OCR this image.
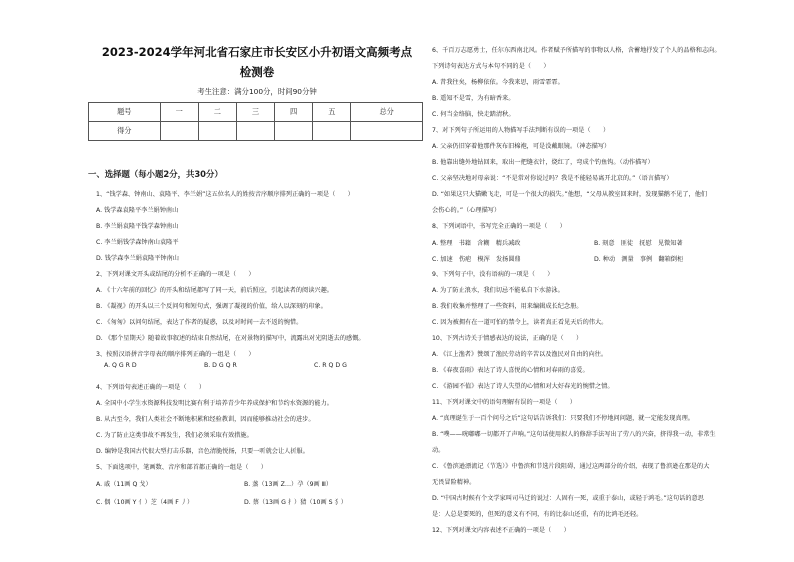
2023-2024学年河北省石家庄市长安区小升初语文高频考点
检测卷
考生注意：满分100分，时间90分钟
题号	一	二	三	四	五	总分
得分						
一、选择题（每小题2分，共30分）
1、“钱学森、钟南山、袁隆平、李兰娟”这五位名人的姓按音序顺序排列正确的一项是（　　）
A. 钱学森袁隆平李兰娟钟南山
B. 李兰娟袁隆平钱学森钟南山
C. 李兰娟钱学森钟南山袁隆平
D. 钱学森李兰娟袁隆平钟南山
2、下列对课文开头或结尾的分析不正确的一项是（　　）
A. 《十六年前的回忆》的开头和结尾都写了同一天，前后照应，引起读者的阅读兴趣。
B. 《凝视》的开头以三个反问句和短句式，强调了凝视的价值，给人以深刻的印象。
C. 《匆匆》以问句结尾，表达了作者的疑惑，以及对时间一去不返的惋惜。
D. 《那个星期天》随着故事叙述的结束自然结尾，在对景物的描写中，流露出对光阴逝去的感慨。
3、按照汉语拼音字母表的顺序排列正确的一组是（　　）
4、下列语句表述正确的一项是（　　）
A. 全国中小学生水资源科技发明比赛有利于培养青少年养成保护和节约水资源的能力。
B. 从古至今，我们人类社会不断地积累和经验教训，因而能够推动社会的进步。
C. 为了防止这类事故不再发生，我们必须采取有效措施。
D. 编钟是我国古代很大型打击乐器，音色清脆悦扬，只要一听就会让人折服。
5、下面选项中，笔画数、音序和部首都正确的一组是（　　）
A. Q G R D	B. D G Q R	C. R Q D G
A. 戚（11画 Q 戈）	B. 蒸（13画 Z…）孕（9画 Ⅲ）
C. 偶（10画 Y 亻）芝（4画 F 丿）	D. 蔡（13画 G 扌）猜（10画 S 犭）
6、千百万志愿勇士，任尔东西南北风。作者赋予所描写的事物以人格，含蓄地抒发了个人的品格和志向。
下列诗句表达方式与本句不同的是（　　）
A. 昔我往矣，杨柳依依。今我来思，雨雪霏霏。
B. 遥知不是雪，为有暗香来。
C. 何当金络脑，快走踏清秋。
7、对下列句子所运用的人物描写手法判断有误的一项是（　　）
A. 父亲仍旧穿着他那件灰布旧棉袍，可是没戴眼镜。（神态描写）
B. 他靠出缝外地钻回来，取出一把缝衣针，烧红了，弯成个钓鱼钩。（动作描写）
C. 父亲坚决地对母亲说：“不是常对你说过吗？我是不能轻易离开北京的。”（语言描写）
D. “如果这只大猫嫩飞走，可是一个很大的损失。”他想，“父母从教室回来时，发现猫鹅不见了，他们
会伤心的。”（心理描写）
8、下列词语中，书写完全正确的一项是（　　）
9、下列句子中，没有语病的一项是（　　）
A. 为了防止浪水，我们切忌不能私自下水游泳。
B. 我们收集并整理了一些资料，用来编辑成长纪念册。
C. 因为被拥有在一道可怕的禁令上，读者真正看见天后的伟大。
10、下列古诗关于情感表达的说法，正确的是（　　）
A. 《江上渔者》赞颂了渔民劳动的辛苦以及渔民对自由的向往。
B. 《春夜喜雨》表达了诗人喜悦的心情和对春雨的喜爱。
C. 《游园不值》表达了诗人失望的心情和对大好春光的惋惜之情。
11、下列对课文中的语句理解有误的一项是（　　）
A. “真理诞生于一百个问号之后”这句话告诉我们：只要我们不停地问问题，就一定能发现真理。
B. “噗——咣嘟嘟一切都开了声响。”这句话使用拟人的修辞手法写出了劳八的兴奋，挤得我一动，非常生
动。
C. 《鲁滨逊漂流记（节选）》中鲁滨和节选片段阻碍，通过这两部分的介绍，表现了鲁滨逊在那是的大
无畏冒险精神。
D. “中国古时候有个文学家叫司马迁的说过：人固有一死，或重于泰山，或轻于鸿毛。”这句话的意思
是：人总是要死的，但死的意义有不同，有的比泰山还重，有的比鸿毛还轻。
12、下列对课文内容表述不正确的一项是（　　）
A. 整理　书籍　含糊　精兵减政	B. 刻意　匪徒　抚慰　见微知著
C. 加速　伤疤　模浑　发扬圆鼎	D. 种动　测量　事例　翻箱倒柜
